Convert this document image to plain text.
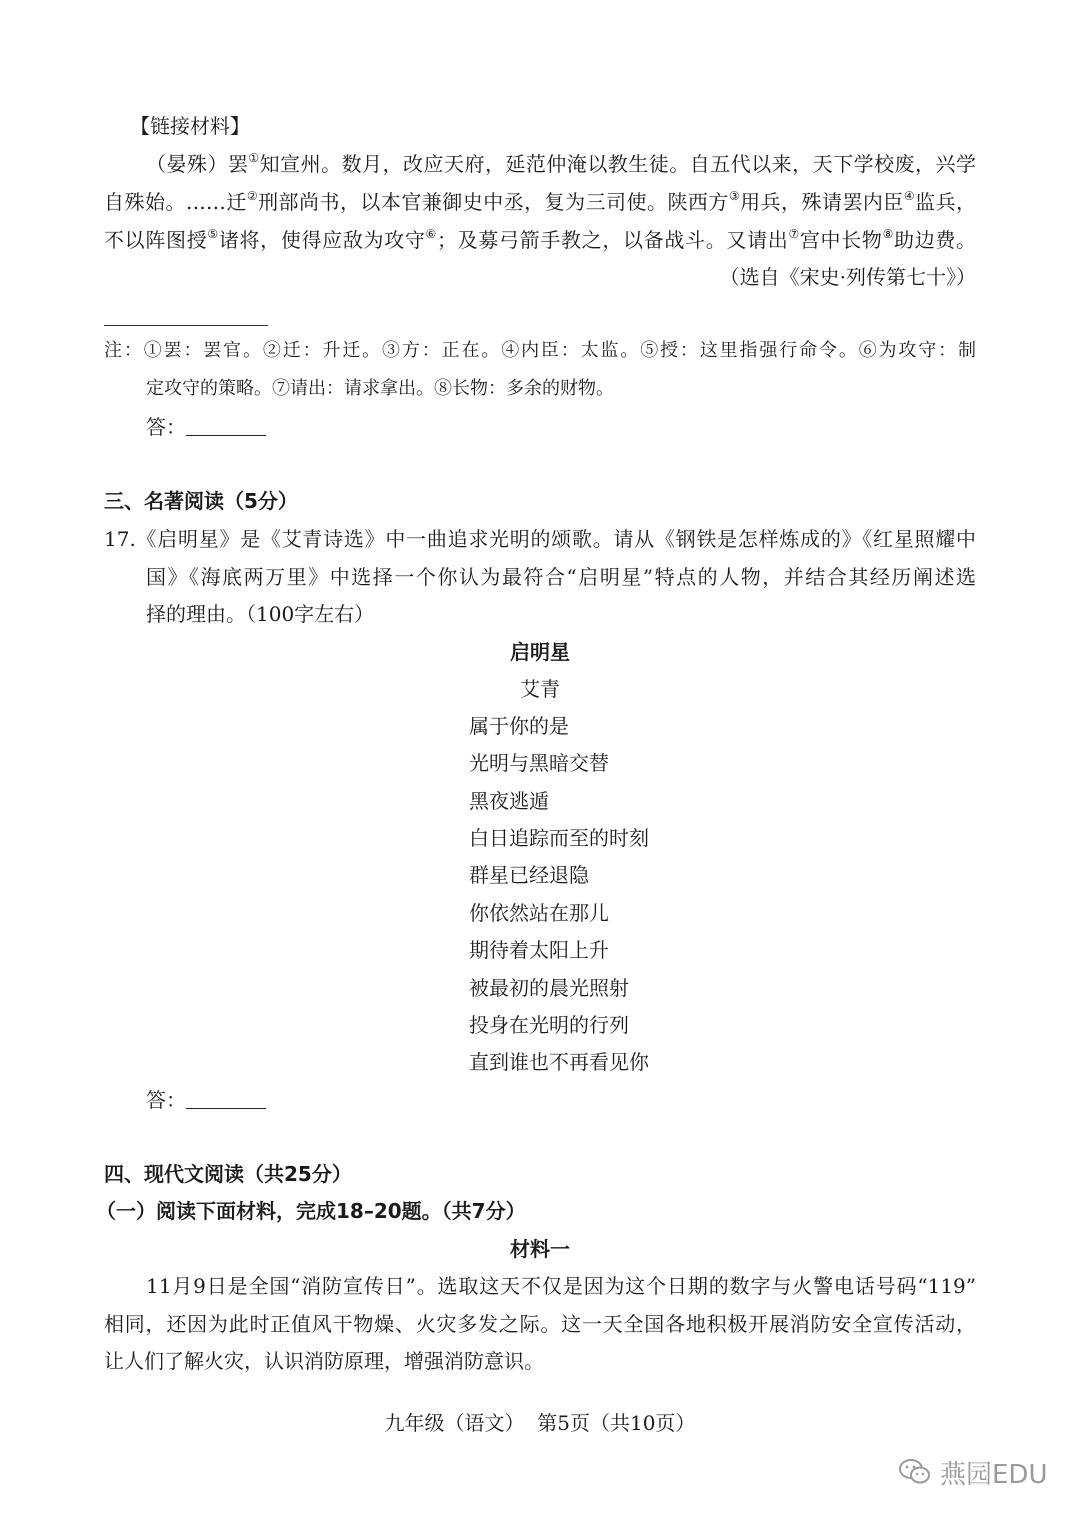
【链接材料】
（晏殊）罢①知宣州。数月，改应天府，延范仲淹以教生徒。自五代以来，天下学校废，兴学
自殊始。……迁②刑部尚书，以本官兼御史中丞，复为三司使。陕西方③用兵，殊请罢内臣④监兵，
不以阵图授⑤诸将，使得应敌为攻守⑥；及募弓箭手教之，以备战斗。又请出⑦宫中长物⑧助边费。
（选自《宋史·列传第七十》）
注：①罢：罢官。②迁：升迁。③方：正在。④内臣：太监。⑤授：这里指强行命令。⑥为攻守：制
定攻守的策略。⑦请出：请求拿出。⑧长物：多余的财物。
答：
三、名著阅读（5分）
17.《启明星》是《艾青诗选》中一曲追求光明的颂歌。请从《钢铁是怎样炼成的》《红星照耀中
国》《海底两万里》中选择一个你认为最符合“启明星”特点的人物，并结合其经历阐述选
择的理由。（100字左右）
启明星
艾青
属于你的是
光明与黑暗交替
黑夜逃遁
白日追踪而至的时刻
群星已经退隐
你依然站在那儿
期待着太阳上升
被最初的晨光照射
投身在光明的行列
直到谁也不再看见你
答：
四、现代文阅读（共25分）
（一）阅读下面材料，完成18–20题。（共7分）
材料一
11月9日是全国“消防宣传日”。选取这天不仅是因为这个日期的数字与火警电话号码“119”
相同，还因为此时正值风干物燥、火灾多发之际。这一天全国各地积极开展消防安全宣传活动，
让人们了解火灾，认识消防原理，增强消防意识。
九年级（语文）  第5页（共10页）
燕园EDU
